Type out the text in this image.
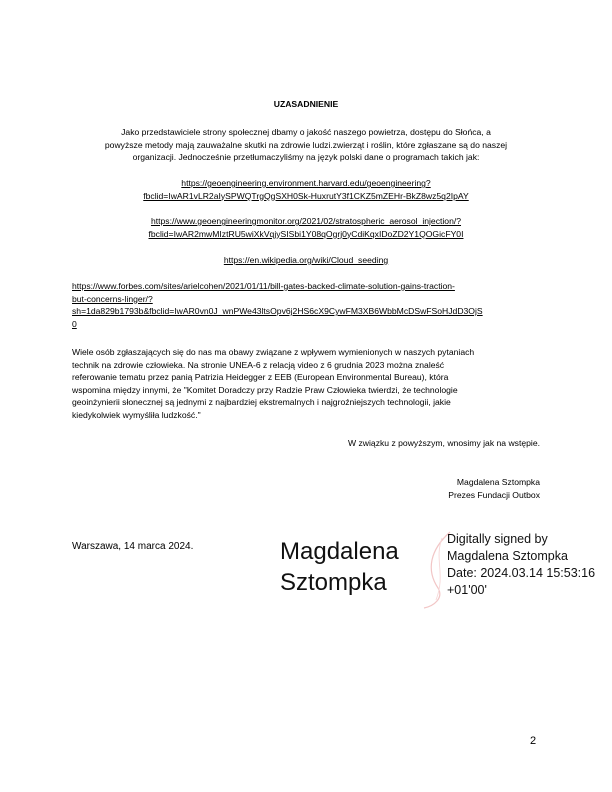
UZASADNIENIE
Jako przedstawiciele strony społecznej dbamy o jakość naszego powietrza, dostępu do Słońca, a
powyższe metody mają zauważalne skutki na zdrowie ludzi.zwierząt i roślin, które zgłaszane są do naszej
organizacji. Jednocześnie przetłumaczyliśmy na język polski dane o programach takich jak:
https://geoengineering.environment.harvard.edu/geoengineering?
fbclid=IwAR1vLR2aIySPWQTrgQgSXH0Sk-HuxrutY3f1CKZ5mZEHr-BkZ8wz5q2IpAY
https://www.geoengineeringmonitor.org/2021/02/stratospheric_aerosol_injection/?
fbclid=IwAR2mwMIztRU5wiXkVqjySISbi1Y08qOgrj0yCdiKqxIDoZD2Y1QOGicFY0I
https://en.wikipedia.org/wiki/Cloud_seeding
https://www.forbes.com/sites/arielcohen/2021/01/11/bill-gates-backed-climate-solution-gains-traction-
but-concerns-linger/?
sh=1da829b1793b&fbclid=IwAR0vn0J_wnPWe43ltsOpv6j2HS6cX9CywFM3XB6WbbMcDSwFSoHJdD3OjS
0
Wiele osób zgłaszających się do nas ma obawy związane z wpływem wymienionych w naszych pytaniach
technik na zdrowie człowieka. Na stronie UNEA-6 z relacją video z 6 grudnia 2023 można znaleść
referowanie tematu przez panią Patrizia Heidegger z EEB (European Environmental Bureau), która
wspomina między innymi, że "Komitet Doradczy przy Radzie Praw Człowieka twierdzi, że technologie
geoinżynierii słonecznej są jednymi z najbardziej ekstremalnych i najgroźniejszych technologii, jakie
kiedykolwiek wymyśliła ludzkość."
W związku z powyższym, wnosimy jak na wstępie.
Magdalena Sztompka
Prezes Fundacji Outbox
Warszawa, 14 marca 2024.	Magdalena
Sztompka
Digitally signed by
Magdalena Sztompka
Date: 2024.03.14 15:53:16
+01'00'
2
